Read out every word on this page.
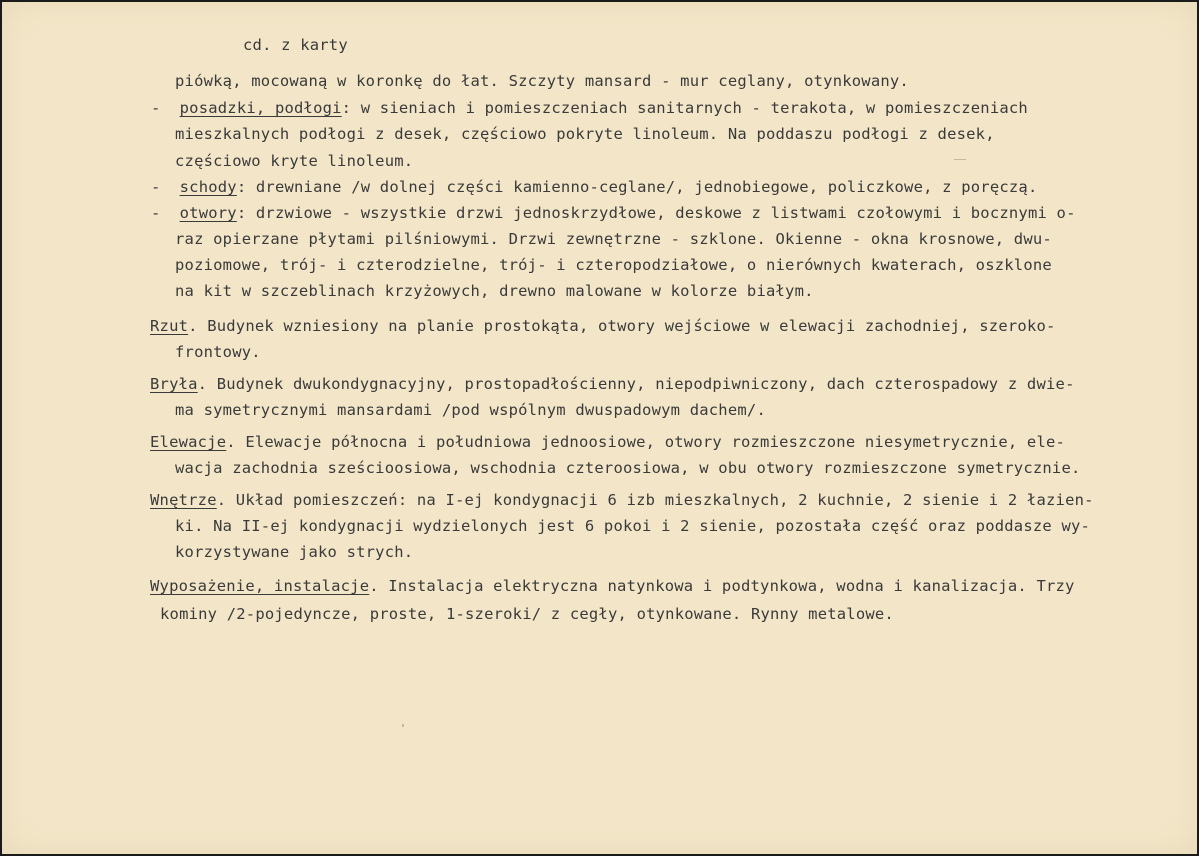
cd. z karty
piówką, mocowaną w koronkę do łat. Szczyty mansard - mur ceglany, otynkowany.
- posadzki, podłogi: w sieniach i pomieszczeniach sanitarnych - terakota, w pomieszczeniach
mieszkalnych podłogi z desek, częściowo pokryte linoleum. Na poddaszu podłogi z desek,
częściowo kryte linoleum.
- schody: drewniane /w dolnej części kamienno-ceglane/, jednobiegowe, policzkowe, z poręczą.
- otwory: drzwiowe - wszystkie drzwi jednoskrzydłowe, deskowe z listwami czołowymi i bocznymi o-
raz opierzane płytami pilśniowymi. Drzwi zewnętrzne - szklone. Okienne - okna krosnowe, dwu-
poziomowe, trój- i czterodzielne, trój- i czteropodziałowe, o nierównych kwaterach, oszklone
na kit w szczeblinach krzyżowych, drewno malowane w kolorze białym.
Rzut. Budynek wzniesiony na planie prostokąta, otwory wejściowe w elewacji zachodniej, szeroko-
frontowy.
Bryła. Budynek dwukondygnacyjny, prostopadłościenny, niepodpiwniczony, dach czterospadowy z dwie-
ma symetrycznymi mansardami /pod wspólnym dwuspadowym dachem/.
Elewacje. Elewacje północna i południowa jednoosiowe, otwory rozmieszczone niesymetrycznie, ele-
wacja zachodnia sześcioosiowa, wschodnia czteroosiowa, w obu otwory rozmieszczone symetrycznie.
Wnętrze. Układ pomieszczeń: na I-ej kondygnacji 6 izb mieszkalnych, 2 kuchnie, 2 sienie i 2 łazien-
ki. Na II-ej kondygnacji wydzielonych jest 6 pokoi i 2 sienie, pozostała część oraz poddasze wy-
korzystywane jako strych.
Wyposażenie, instalacje. Instalacja elektryczna natynkowa i podtynkowa, wodna i kanalizacja. Trzy
kominy /2-pojedyncze, proste, 1-szeroki/ z cegły, otynkowane. Rynny metalowe.
